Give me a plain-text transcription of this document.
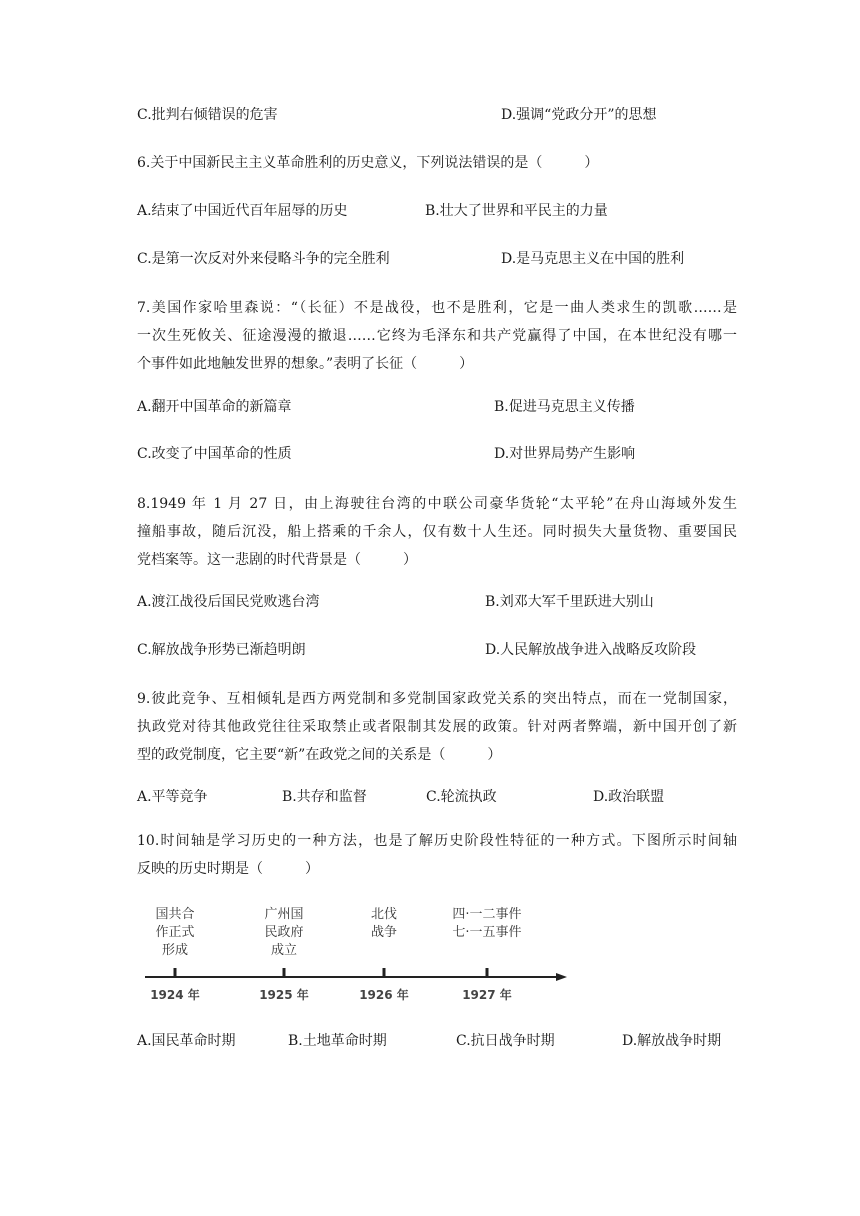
C.批判右倾错误的危害	D.强调“党政分开”的思想
6.关于中国新民主主义革命胜利的历史意义，下列说法错误的是（　　　）
A.结束了中国近代百年屈辱的历史	B.壮大了世界和平民主的力量
C.是第一次反对外来侵略斗争的完全胜利	D.是马克思主义在中国的胜利
7.美国作家哈里森说：“（长征）不是战役，也不是胜利，它是一曲人类求生的凯歌……是
一次生死攸关、征途漫漫的撤退……它终为毛泽东和共产党赢得了中国，在本世纪没有哪一
个事件如此地触发世界的想象。”表明了长征（　　　）
A.翻开中国革命的新篇章	B.促进马克思主义传播
C.改变了中国革命的性质	D.对世界局势产生影响
8.1949 年 1 月 27 日，由上海驶往台湾的中联公司豪华货轮“太平轮”在舟山海域外发生
撞船事故，随后沉没，船上搭乘的千余人，仅有数十人生还。同时损失大量货物、重要国民
党档案等。这一悲剧的时代背景是（　　　）
A.渡江战役后国民党败逃台湾	B.刘邓大军千里跃进大别山
C.解放战争形势已渐趋明朗	D.人民解放战争进入战略反攻阶段
9.彼此竞争、互相倾轧是西方两党制和多党制国家政党关系的突出特点，而在一党制国家，
执政党对待其他政党往往采取禁止或者限制其发展的政策。针对两者弊端，新中国开创了新
型的政党制度，它主要“新”在政党之间的关系是（　　　）
A.平等竞争	B.共存和监督	C.轮流执政	D.政治联盟
10.时间轴是学习历史的一种方法，也是了解历史阶段性特征的一种方式。下图所示时间轴
反映的历史时期是（　　　）
国共合
作正式
形成
1924 年
广州国
民政府
成立
1925 年
北伐
战争
1926 年
四·一二事件
七·一五事件
1927 年
A.国民革命时期	B.土地革命时期	C.抗日战争时期	D.解放战争时期
